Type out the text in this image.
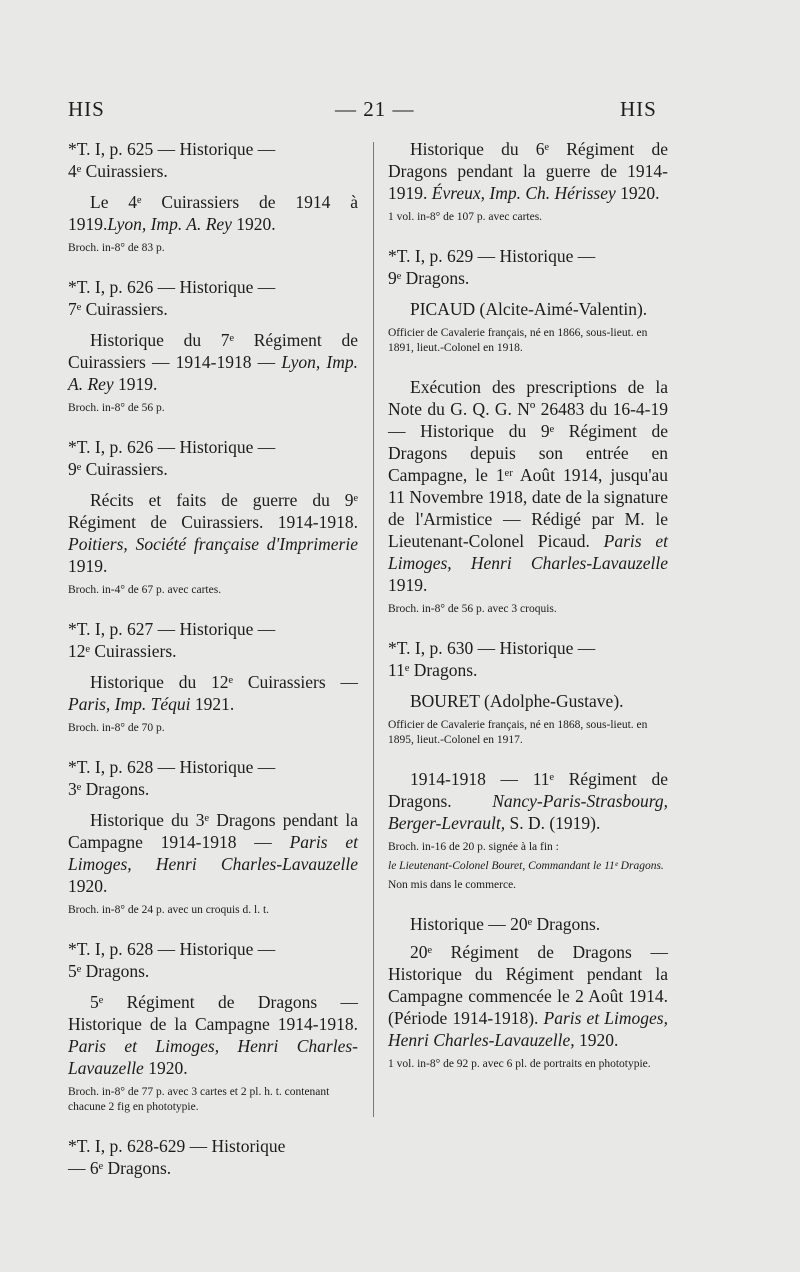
HIS	— 21 —	HIS
*T. I, p. 625 — Historique —
4ᵉ Cuirassiers.
Le 4ᵉ Cuirassiers de 1914 à 1919.Lyon, Imp. A. Rey 1920.
Broch. in-8° de 83 p.
*T. I, p. 626 — Historique —
7ᵉ Cuirassiers.
Historique du 7ᵉ Régiment de Cuirassiers — 1914-1918 — Lyon, Imp. A. Rey 1919.
Broch. in-8° de 56 p.
*T. I, p. 626 — Historique —
9ᵉ Cuirassiers.
Récits et faits de guerre du 9ᵉ Régiment de Cuirassiers. 1914-1918. Poitiers, Société française d'Imprimerie 1919.
Broch. in-4° de 67 p. avec cartes.
*T. I, p. 627 — Historique —
12ᵉ Cuirassiers.
Historique du 12ᵉ Cuirassiers — Paris, Imp. Téqui 1921.
Broch. in-8° de 70 p.
*T. I, p. 628 — Historique —
3ᵉ Dragons.
Historique du 3ᵉ Dragons pendant la Campagne 1914-1918 — Paris et Limoges, Henri Charles-Lavauzelle 1920.
Broch. in-8° de 24 p. avec un croquis d. l. t.
*T. I, p. 628 — Historique —
5ᵉ Dragons.
5ᵉ Régiment de Dragons — Historique de la Campagne 1914-1918. Paris et Limoges, Henri Charles-Lavauzelle 1920.
Broch. in-8° de 77 p. avec 3 cartes et 2 pl. h. t. contenant chacune 2 fig en phototypie.
*T. I, p. 628-629 — Historique
— 6ᵉ Dragons.
Historique du 6ᵉ Régiment de Dragons pendant la guerre de 1914-1919. Évreux, Imp. Ch. Hérissey 1920.
1 vol. in-8° de 107 p. avec cartes.
*T. I, p. 629 — Historique —
9ᵉ Dragons.
PICAUD (Alcite-Aimé-Valentin).
Officier de Cavalerie français, né en 1866, sous-lieut. en 1891, lieut.-Colonel en 1918.
Exécution des prescriptions de la Note du G. Q. G. Nº 26483 du 16-4-19 — Historique du 9ᵉ Régiment de Dragons depuis son entrée en Campagne, le 1ᵉʳ Août 1914, jusqu'au 11 Novembre 1918, date de la signature de l'Armistice — Rédigé par M. le Lieutenant-Colonel Picaud. Paris et Limoges, Henri Charles-Lavauzelle 1919.
Broch. in-8° de 56 p. avec 3 croquis.
*T. I, p. 630 — Historique —
11ᵉ Dragons.
BOURET (Adolphe-Gustave).
Officier de Cavalerie français, né en 1868, sous-lieut. en 1895, lieut.-Colonel en 1917.
1914-1918 — 11ᵉ Régiment de Dragons. Nancy-Paris-Strasbourg, Berger-Levrault, S. D. (1919).
Broch. in-16 de 20 p. signée à la fin :
le Lieutenant-Colonel Bouret, Commandant le 11ᵉ Dragons.
Non mis dans le commerce.
Historique — 20ᵉ Dragons.
20ᵉ Régiment de Dragons — Historique du Régiment pendant la Campagne commencée le 2 Août 1914. (Période 1914-1918). Paris et Limoges, Henri Charles-Lavauzelle, 1920.
1 vol. in-8° de 92 p. avec 6 pl. de portraits en phototypie.
